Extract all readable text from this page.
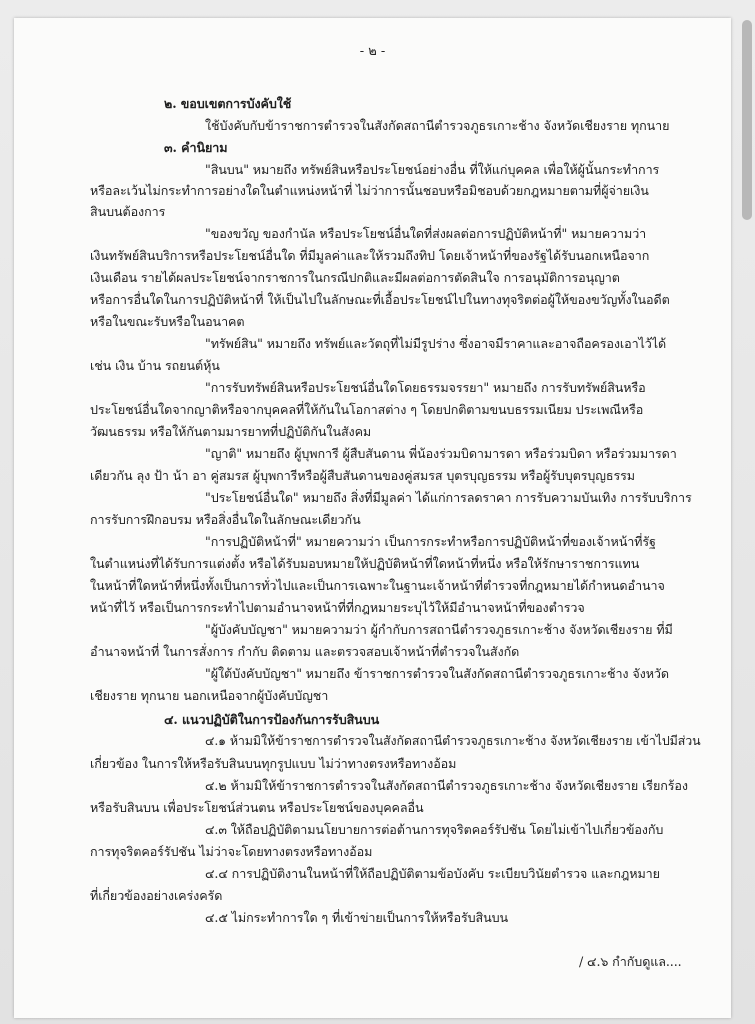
- ๒ -
๒. ขอบเขตการบังคับใช้
ใช้บังคับกับข้าราชการตำรวจในสังกัดสถานีตำรวจภูธรเกาะช้าง จังหวัดเชียงราย ทุกนาย
๓. คำนิยาม
"สินบน" หมายถึง ทรัพย์สินหรือประโยชน์อย่างอื่น ที่ให้แก่บุคคล เพื่อให้ผู้นั้นกระทำการ
หรือละเว้นไม่กระทำการอย่างใดในตำแหน่งหน้าที่ ไม่ว่าการนั้นชอบหรือมิชอบด้วยกฎหมายตามที่ผู้จ่ายเงิน
สินบนต้องการ
"ของขวัญ ของกำนัล หรือประโยชน์อื่นใดที่ส่งผลต่อการปฏิบัติหน้าที่" หมายความว่า
เงินทรัพย์สินบริการหรือประโยชน์อื่นใด ที่มีมูลค่าและให้รวมถึงทิป โดยเจ้าหน้าที่ของรัฐได้รับนอกเหนือจาก
เงินเดือน รายได้ผลประโยชน์จากราชการในกรณีปกติและมีผลต่อการตัดสินใจ การอนุมัติการอนุญาต
หรือการอื่นใดในการปฏิบัติหน้าที่ ให้เป็นไปในลักษณะที่เอื้อประโยชน์ไปในทางทุจริตต่อผู้ให้ของขวัญทั้งในอดีต
หรือในขณะรับหรือในอนาคต
"ทรัพย์สิน" หมายถึง ทรัพย์และวัตถุที่ไม่มีรูปร่าง ซึ่งอาจมีราคาและอาจถือครองเอาไว้ได้
เช่น เงิน บ้าน รถยนต์หุ้น
"การรับทรัพย์สินหรือประโยชน์อื่นใดโดยธรรมจรรยา" หมายถึง การรับทรัพย์สินหรือ
ประโยชน์อื่นใดจากญาติหรือจากบุคคลที่ให้กันในโอกาสต่าง ๆ โดยปกติตามขนบธรรมเนียม ประเพณีหรือ
วัฒนธรรม หรือให้กันตามมารยาทที่ปฏิบัติกันในสังคม
"ญาติ" หมายถึง ผู้บุพการี ผู้สืบสันดาน พี่น้องร่วมบิดามารดา หรือร่วมบิดา หรือร่วมมารดา
เดียวกัน ลุง ป้า น้า อา คู่สมรส ผู้บุพการีหรือผู้สืบสันดานของคู่สมรส บุตรบุญธรรม หรือผู้รับบุตรบุญธรรม
"ประโยชน์อื่นใด" หมายถึง สิ่งที่มีมูลค่า ได้แก่การลดราคา การรับความบันเทิง การรับบริการ
การรับการฝึกอบรม หรือสิ่งอื่นใดในลักษณะเดียวกัน
"การปฏิบัติหน้าที่" หมายความว่า เป็นการกระทำหรือการปฏิบัติหน้าที่ของเจ้าหน้าที่รัฐ
ในตำแหน่งที่ได้รับการแต่งตั้ง หรือได้รับมอบหมายให้ปฏิบัติหน้าที่ใดหน้าที่หนึ่ง หรือให้รักษาราชการแทน
ในหน้าที่ใดหน้าที่หนึ่งทั้งเป็นการทั่วไปและเป็นการเฉพาะในฐานะเจ้าหน้าที่ตำรวจที่กฎหมายได้กำหนดอำนาจ
หน้าที่ไว้ หรือเป็นการกระทำไปตามอำนาจหน้าที่ที่กฎหมายระบุไว้ให้มีอำนาจหน้าที่ของตำรวจ
"ผู้บังคับบัญชา" หมายความว่า ผู้กำกับการสถานีตำรวจภูธรเกาะช้าง จังหวัดเชียงราย ที่มี
อำนาจหน้าที่ ในการสั่งการ กำกับ ติดตาม และตรวจสอบเจ้าหน้าที่ตำรวจในสังกัด
"ผู้ใต้บังคับบัญชา" หมายถึง ข้าราชการตำรวจในสังกัดสถานีตำรวจภูธรเกาะช้าง จังหวัด
เชียงราย ทุกนาย นอกเหนือจากผู้บังคับบัญชา
๔. แนวปฏิบัติในการป้องกันการรับสินบน
๔.๑ ห้ามมิให้ข้าราชการตำรวจในสังกัดสถานีตำรวจภูธรเกาะช้าง จังหวัดเชียงราย เข้าไปมีส่วน
เกี่ยวข้อง ในการให้หรือรับสินบนทุกรูปแบบ ไม่ว่าทางตรงหรือทางอ้อม
๔.๒ ห้ามมิให้ข้าราชการตำรวจในสังกัดสถานีตำรวจภูธรเกาะช้าง จังหวัดเชียงราย เรียกร้อง
หรือรับสินบน เพื่อประโยชน์ส่วนตน หรือประโยชน์ของบุคคลอื่น
๔.๓ ให้ถือปฏิบัติตามนโยบายการต่อต้านการทุจริตคอร์รัปชัน โดยไม่เข้าไปเกี่ยวข้องกับ
การทุจริตคอร์รัปชัน ไม่ว่าจะโดยทางตรงหรือทางอ้อม
๔.๔ การปฏิบัติงานในหน้าที่ให้ถือปฏิบัติตามข้อบังคับ ระเบียบวินัยตำรวจ และกฎหมาย
ที่เกี่ยวข้องอย่างเคร่งครัด
๔.๕ ไม่กระทำการใด ๆ ที่เข้าข่ายเป็นการให้หรือรับสินบน
/ ๔.๖ กำกับดูแล....
